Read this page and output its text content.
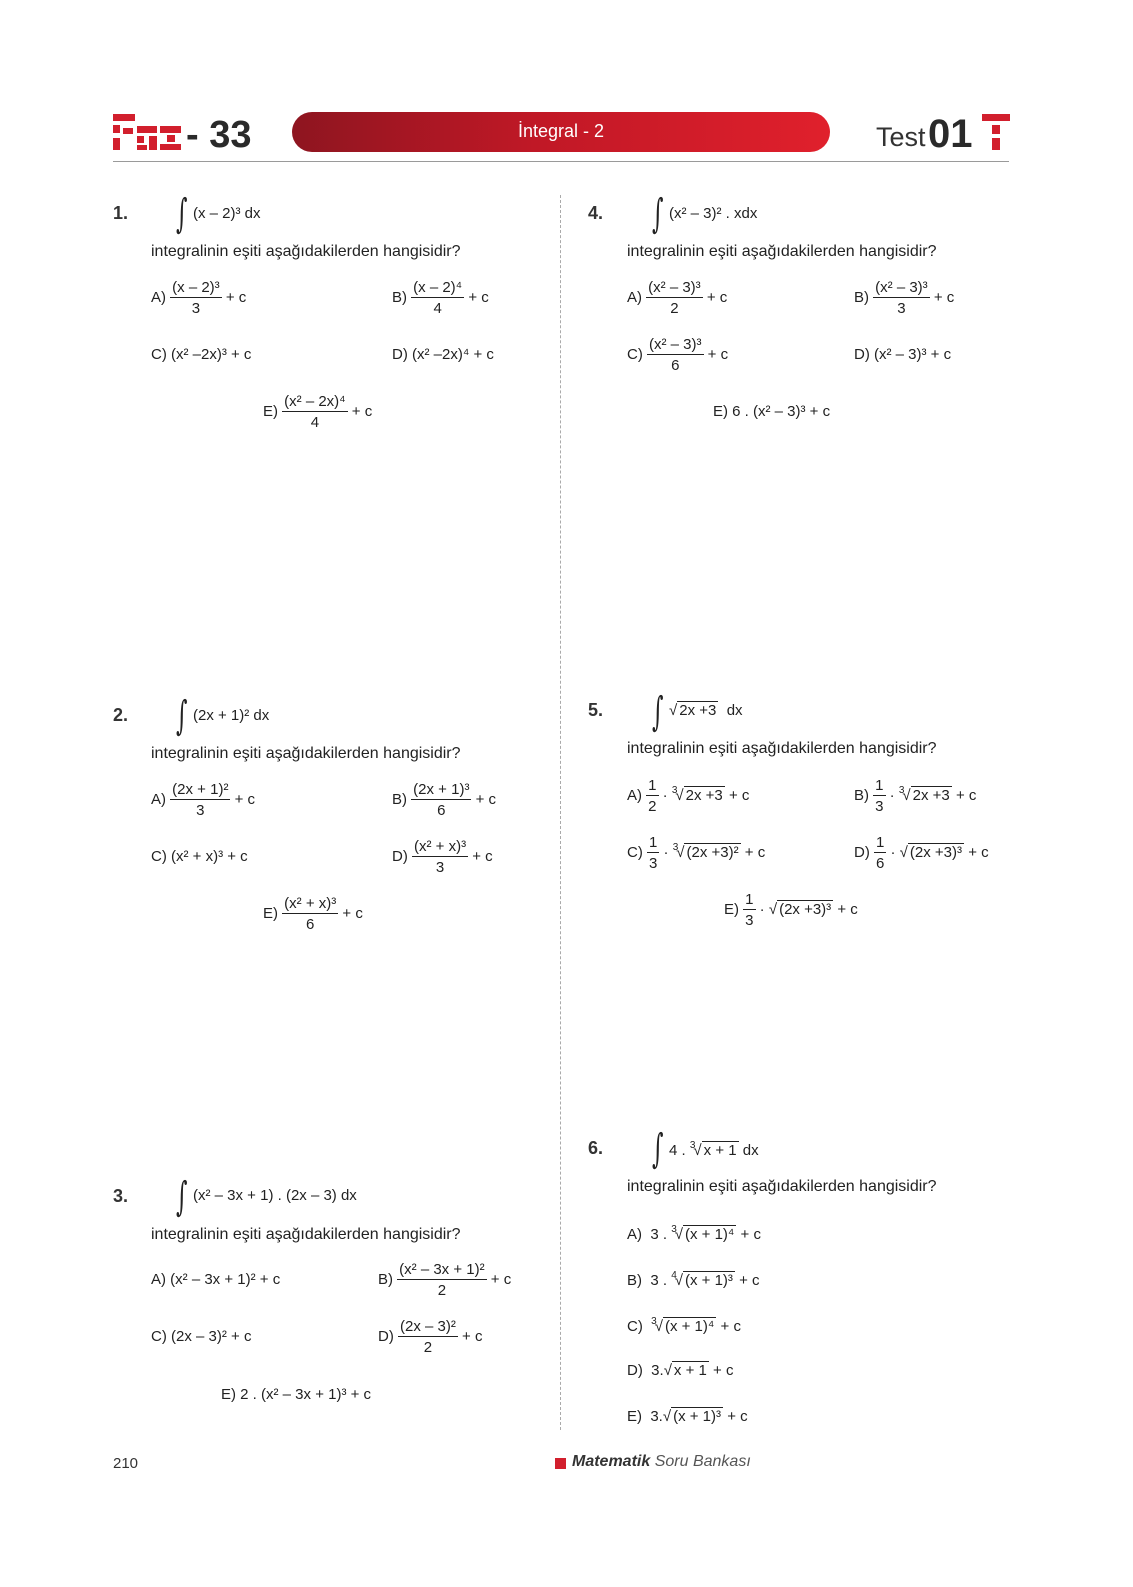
- 33	İntegral - 2	Test 01
1. ∫ (x – 2)³ dx
integralinin eşiti aşağıdakilerden hangisidir?
$A) \frac{\text{(x – 2)³}}{3} + c$	$B) \frac{\text{(x – 2)⁴}}{4} + c$
C) (x² –2x)³ + c	D) (x² –2x)⁴ + c
$E) \frac{\text{(x² – 2x)⁴}}{4} + c$
2. ∫ (2x + 1)² dx
integralinin eşiti aşağıdakilerden hangisidir?
$A) \frac{\text{(2x + 1)²}}{3} + c$	$B) \frac{\text{(2x + 1)³}}{6} + c$
C) (x² + x)³ + c	$D) \frac{\text{(x² + x)³}}{3} + c$
$E) \frac{\text{(x² + x)³}}{6} + c$
3. ∫ (x² – 3x + 1) . (2x – 3) dx
integralinin eşiti aşağıdakilerden hangisidir?
A) (x² – 3x + 1)² + c	$B) \frac{\text{(x² – 3x + 1)²}}{2} + c$
C) (2x – 3)² + c	$D) \frac{\text{(2x – 3)²}}{2} + c$
E) 2 . (x² – 3x + 1)³ + c
4. ∫ (x² – 3)² . xdx
integralinin eşiti aşağıdakilerden hangisidir?
$A) \frac{\text{(x² – 3)³}}{2} + c$	$B) \frac{\text{(x² – 3)³}}{3} + c$
$C) \frac{\text{(x² – 3)³}}{6} + c$	D) (x² – 3)³ + c
E) 6 . (x² – 3)³ + c
5. ∫ √ 2x +3 dx
integralinin eşiti aşağıdakilerden hangisidir?
$A) \frac{1}{2} \cdot ^3√$ 2x +3 + c	$B) \frac{1}{3} \cdot ^3√$ 2x +3 + c
$C) \frac{1}{3} \cdot ^3√$ (2x +3)² + c	$D) \frac{1}{6}$ · √ (2x +3)³ + c
$E) \frac{1}{3}$ · √ (2x +3)³ + c
6. ∫ 4 . $^3$√ x + 1 dx
integralinin eşiti aşağıdakilerden hangisidir?
A) 3 . $^3$√ (x + 1)⁴ + c
B) 3 . $^4$√ (x + 1)³ + c
C) $^3$√ (x + 1)⁴ + c
D) 3.√ x + 1 + c
E) 3.√ (x + 1)³ + c
210	Matematik Soru Bankası
